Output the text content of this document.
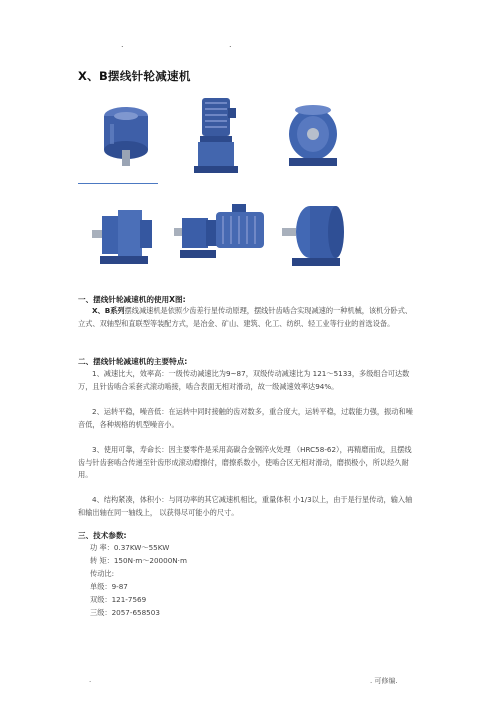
.	.
X、B摆线针轮减速机
一、摆线针轮减速机的使用X图:
X、B系列摆线减速机是依照少齿差行星传动原理，摆线针齿啮合实现减速的一种机械，该机分卧式、立式、双轴型和直联型等装配方式，是冶金、矿山、建筑、化工、纺织、轻工业等行业的首选设备。
二、摆线针轮减速机的主要特点:
1、减速比大，效率高：一级传动减速比为9~87，双级传动减速比为 121～5133，多级组合可达数万，且针齿啮合采套式滚动啮接，啮合表面无相对滑动，故一级减速效率达94%。
2、运转平稳，噪音低：在运转中同时接触的齿对数多，重合度大，运转平稳，过载能力强，振动和噪音低，各种规格的机型噪音小。
3、使用可靠，寿命长：因主要零件是采用高碳合金钢淬火处理 （HRC58-62），再精磨而成，且摆线齿与针齿套啮合传递至针齿形成滚动磨擦付，磨擦系数小，使啮合区无相对滑动，磨损极小，所以经久耐用。
4、结构紧凑，体积小：与同功率的其它减速机相比，重量体积 小1/3以上，由于是行星传动，输入轴和输出轴在同一轴线上， 以获得尽可能小的尺寸。
三、技术参数:
功 率：0.37KW～55KW
转 矩：150N·m～20000N·m
传动比:
单级：9-87
双级：121-7569
三级：2057-658503
.	. 可修编.
